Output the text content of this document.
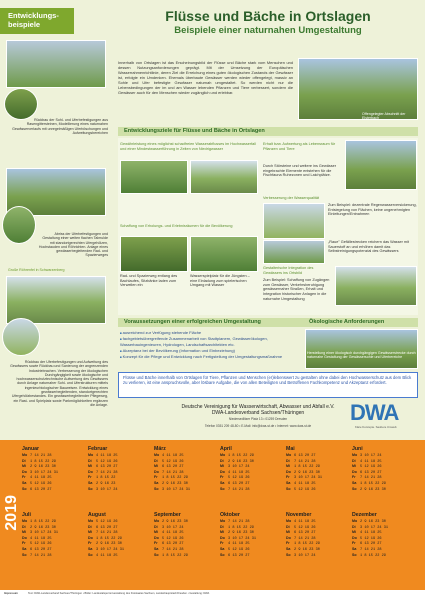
Entwicklungs-
beispiele
Rückbau der Sohl- und Uferbefestigungen aus Rasengittersteinen, Modellierung eines naturnahen Gewässerverlaufs mit unregelmäßigen Uferböschungen und Aufweitungsbereichen
Abriss der Uferbefestigungen und Gestaltung einer weiten flachen Talmulde mit standortgerechten Ufergehölzen, Hochstauden und Röhrichten. Anlage eines gewässerbegleitenden Rad- und Spazierweges
Große Röhrenfel in Schwarzenberg
Rückbau der Uferbefestigungen und Aufweitung des Gewässers sowie Rückbau und Sanierung der angrenzenden Industriebrachen. Verbesserung der ökologischen Durchgängigkeit sowie ökologische und hochwasserschutztechnische Aufwertung des Gewässers durch Anlage naturnaher Sohl- und Uferstrukturen mittels ingenieurbiologischer Bauweisen. Entwicklung eines gewässerbegleitenden, standortgerechten Ufergehölzbestandes. Ein gewässerbegleitender Pflegeweg, ein Rast- und Spielplatz sowie Parkmöglichkeiten ergänzen die Anlage.
Flüsse und Bäche in Ortslagen
Beispiele einer naturnahen Umgestaltung
Innerhalb von Ortslagen ist das Erscheinungsbild der Flüsse und Bäche stark vom Menschen und dessen Nutzungsanforderungen geprägt. Mit der Umsetzung der Europäischen Wasserrahmenrichtlinie, deren Ziel die Erreichung eines guten ökologischen Zustands der Gewässer ist, erfolgte ein Umdenken. Ehemals überbaute Gewässer werden wieder offengelegt, massiv an Sohle und Ufer befestigte Gewässer naturnah umgestaltet. So werden nicht nur die Lebensbedingungen der im und am Wasser lebenden Pflanzen und Tiere verbessert, sondern die Gewässer auch für den Menschen wieder zugänglich und erlebbar.
Offengelegter Abschnitt der Elsterbach
Entwicklungsziele für Flüsse und Bäche in Ortslagen
Gewährleistung eines möglichst schadfreien Wasserabflusses im Hochwasserfall und einer Mindestwasserführung in Zeiten von Niedrigwasser
Erhalt bzw. Aufwertung als Lebensraum für Pflanzen und Tiere
Durch Störsteine und weitere ins Gewässer eingebrachte Elemente entstehen für die Fischfauna Ruhezonen und Laichplätze.
Verbesserung der Wasserqualität
Zum Beispiel: dezentrale Regenwasserversickerung, Entsiegelung von Flächen, keine ungenehmigten Einleitungen/Entnahmen
„Raue" Gefällestrecken reichern das Wasser mit Sauerstoff an und erhöhen damit das Selbstreinigungspotenzial des Gewässers
Schaffung von Erholungs- und Erlebnisräumen für die Bevölkerung
Rad- und Spazierweg entlang des Bachlaufes, Sitzbänke laden zum Verweilen ein
Wasserspielplatz für die Jüngsten – eine Einladung zum spielerischen Umgang mit Wasser
Gestalterische Integration des Gewässers ins Ortsbild
Zum Beispiel: Schaffung von Zugängen zum Gewässer, Verkehrsberuhigung gewässernaher Straßen, Erhalt und Integration historischer Anlagen in die naturnahe Umgestaltung
Voraussetzungen einer erfolgreichen Umgestaltung	Ökologische Anforderungen
■ ausreichend zur Verfügung stehende Fläche
■ fachgebietsübergreifende Zusammenarbeit von Stadtplanern, Gewässerökologen, Wasserbauingenieuren, Hydrologen, Landschaftsarchitekten etc.
■ Akzeptanz bei der Bevölkerung (Information und Einbeziehung)
■ Konzept für die Pflege und Entwicklung nach Fertigstellung der Umgestaltungsmaßnahme
Herstellung einer ökologisch durchgängigen Gewässerstrecke durch naturnahe Gestaltung der Gewässersohle und Uferbereiche
Flüsse und Bäche innerhalb von Ortslagen für Tiere, Pflanzen und Menschen (er)lebenswert zu gestalten ohne dabei den Hochwasserschutz aus dem Blick zu verlieren, ist eine anspruchsvolle, aber lösbare Aufgabe, die von allen Beteiligten und Betroffenen Fachkompetenz und Akzeptanz erfordert.
Deutsche Vereinigung für Wasserwirtschaft, Abwasser und Abfall e.V.
DWA-Landesverband Sachsen/Thüringen
Niedersedlitzer Platz 13 • 01259 Dresden
Telefon 0351 209 48-80 • E-Mail: info@dwa-st.de • Internet: www.dwa-st.de
DWA
Klare Konzepte. Saubere Umwelt.
2019
Januar
Mo 7 14 21 28
Di 1 8 15 22 29
Mi 2 9 16 23 30
Do 3 10 17 24 31
Fr 4 11 18 25
Sa 5 12 19 26
So 6 13 20 27
Februar
Mo 4 11 18 25
Di 5 12 19 26
Mi 6 13 20 27
Do 7 14 21 28
Fr 1 8 15 22
Sa 2 9 16 23
So 3 10 17 24
März
Mo 4 11 18 25
Di 5 12 19 26
Mi 6 13 20 27
Do 7 14 21 28
Fr 1 8 15 22 29
Sa 2 9 16 23 30
So 3 10 17 24 31
April
Mo 1 8 15 22 29
Di 2 9 16 23 30
Mi 3 10 17 24
Do 4 11 18 25
Fr 5 12 19 26
Sa 6 13 20 27
So 7 14 21 28
Mai
Mo 6 13 20 27
Di 7 14 21 28
Mi 1 8 15 22 29
Do 2 9 16 23 30
Fr 3 10 17 24 31
Sa 4 11 18 25
So 5 12 19 26
Juni
Mo 3 10 17 24
Di 4 11 18 25
Mi 5 12 19 26
Do 6 13 20 27
Fr 7 14 21 28
Sa 1 8 15 22 29
So 2 9 16 23 30
Juli
Mo 1 8 15 22 29
Di 2 9 16 23 30
Mi 3 10 17 24 31
Do 4 11 18 25
Fr 5 12 19 26
Sa 6 13 20 27
So 7 14 21 28
August
Mo 5 12 19 26
Di 6 13 20 27
Mi 7 14 21 28
Do 1 8 15 22 29
Fr 2 9 16 23 30
Sa 3 10 17 24 31
So 4 11 18 25
September
Mo 2 9 16 23 30
Di 3 10 17 24
Mi 4 11 18 25
Do 5 12 19 26
Fr 6 13 20 27
Sa 7 14 21 28
So 1 8 15 22 29
Oktober
Mo 7 14 21 28
Di 1 8 15 22 29
Mi 2 9 16 23 30
Do 3 10 17 24 31
Fr 4 11 18 25
Sa 5 12 19 26
So 6 13 20 27
November
Mo 4 11 18 25
Di 5 12 19 26
Mi 6 13 20 27
Do 7 14 21 28
Fr 1 8 15 22 29
Sa 2 9 16 23 30
So 3 10 17 24
Dezember
Mo 2 9 16 23 30
Di 3 10 17 24 31
Mi 4 11 18 25
Do 5 12 19 26
Fr 6 13 20 27
Sa 7 14 21 28
So 1 8 15 22 29
Impressum	Text: DWA-Landesverband Sachsen/Thüringen • Bilder: Landestalsperrenverwaltung des Freistaates Sachsen, Landeshauptstadt Dresden • Gestaltung: DWA
